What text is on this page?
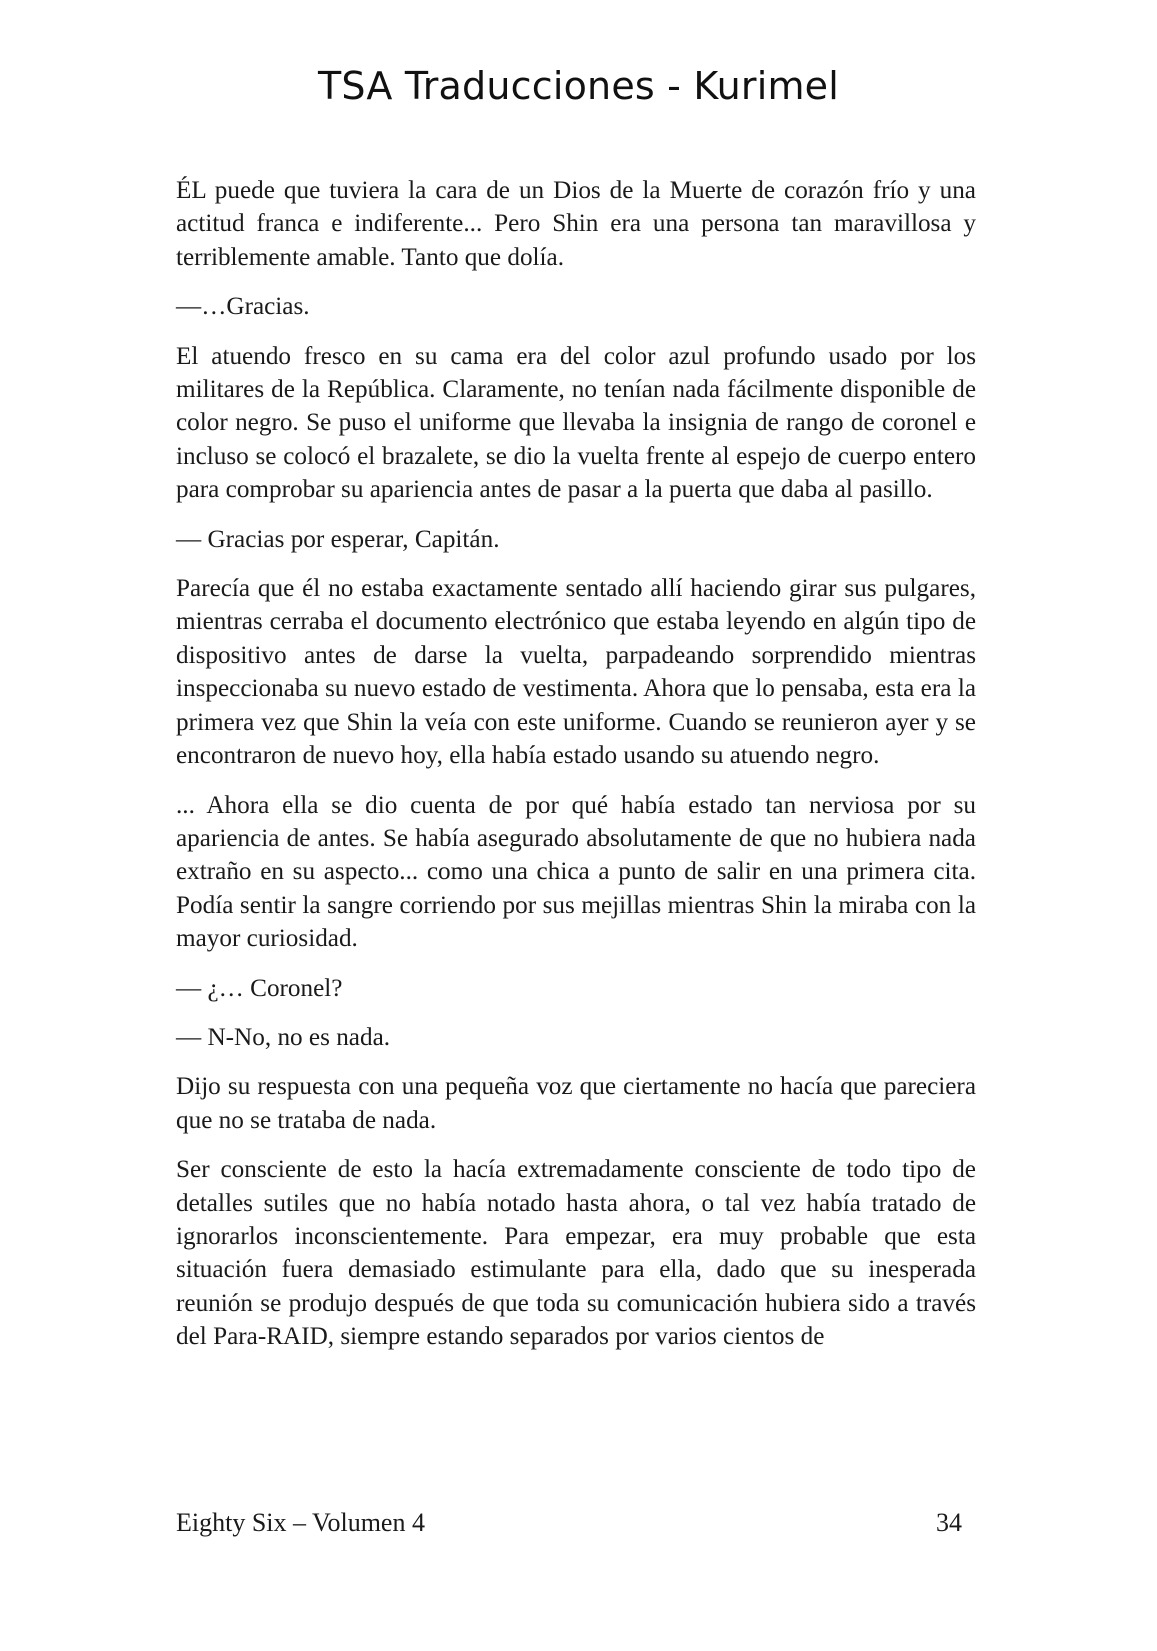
TSA Traducciones - Kurimel

ÉL puede que tuviera la cara de un Dios de la Muerte de corazón frío y una actitud franca e indiferente... Pero Shin era una persona tan maravillosa y terriblemente amable. Tanto que dolía.

—…Gracias.

El atuendo fresco en su cama era del color azul profundo usado por los militares de la República. Claramente, no tenían nada fácilmente disponible de color negro. Se puso el uniforme que llevaba la insignia de rango de coronel e incluso se colocó el brazalete, se dio la vuelta frente al espejo de cuerpo entero para comprobar su apariencia antes de pasar a la puerta que daba al pasillo.

— Gracias por esperar, Capitán.

Parecía que él no estaba exactamente sentado allí haciendo girar sus pulgares, mientras cerraba el documento electrónico que estaba leyendo en algún tipo de dispositivo antes de darse la vuelta, parpadeando sorprendido mientras inspeccionaba su nuevo estado de vestimenta. Ahora que lo pensaba, esta era la primera vez que Shin la veía con este uniforme. Cuando se reunieron ayer y se encontraron de nuevo hoy, ella había estado usando su atuendo negro.

... Ahora ella se dio cuenta de por qué había estado tan nerviosa por su apariencia de antes. Se había asegurado absolutamente de que no hubiera nada extraño en su aspecto... como una chica a punto de salir en una primera cita. Podía sentir la sangre corriendo por sus mejillas mientras Shin la miraba con la mayor curiosidad.

— ¿… Coronel?

— N-No, no es nada.

Dijo su respuesta con una pequeña voz que ciertamente no hacía que pareciera que no se trataba de nada.

Ser consciente de esto la hacía extremadamente consciente de todo tipo de detalles sutiles que no había notado hasta ahora, o tal vez había tratado de ignorarlos inconscientemente. Para empezar, era muy probable que esta situación fuera demasiado estimulante para ella, dado que su inesperada reunión se produjo después de que toda su comunicación hubiera sido a través del Para-RAID, siempre estando separados por varios cientos de

Eighty Six – Volumen 4	34
